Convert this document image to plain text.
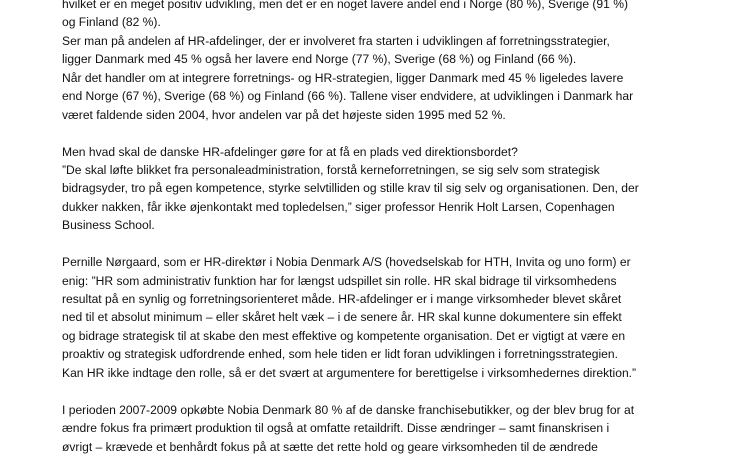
hvilket er en meget positiv udvikling, men det er en noget lavere andel end i Norge (80 %), Sverige (91 %)
og Finland (82 %).
Ser man på andelen af HR-afdelinger, der er involveret fra starten i udviklingen af forretningsstrategier,
ligger Danmark med 45 % også her lavere end Norge (77 %), Sverige (68 %) og Finland (66 %).
Når det handler om at integrere forretnings- og HR-strategien, ligger Danmark med 45 % ligeledes lavere
end Norge (67 %), Sverige (68 %) og Finland (66 %). Tallene viser endvidere, at udviklingen i Danmark har
været faldende siden 2004, hvor andelen var på det højeste siden 1995 med 52 %.
Men hvad skal de danske HR-afdelinger gøre for at få en plads ved direktionsbordet?
”De skal løfte blikket fra personaleadministration, forstå kerneforretningen, se sig selv som strategisk
bidragsyder, tro på egen kompetence, styrke selvtilliden og stille krav til sig selv og organisationen. Den, der
dukker nakken, får ikke øjenkontakt med topledelsen,” siger professor Henrik Holt Larsen, Copenhagen
Business School.
Pernille Nørgaard, som er HR-direktør i Nobia Denmark A/S (hovedselskab for HTH, Invita og uno form) er
enig: ”HR som administrativ funktion har for længst udspillet sin rolle. HR skal bidrage til virksomhedens
resultat på en synlig og forretningsorienteret måde. HR-afdelinger er i mange virksomheder blevet skåret
ned til et absolut minimum – eller skåret helt væk – i de senere år. HR skal kunne dokumentere sin effekt
og bidrage strategisk til at skabe den mest effektive og kompetente organisation. Det er vigtigt at være en
proaktiv og strategisk udfordrende enhed, som hele tiden er lidt foran udviklingen i forretningsstrategien.
Kan HR ikke indtage den rolle, så er det svært at argumentere for berettigelse i virksomhedernes direktion.”
I perioden 2007-2009 opkøbte Nobia Denmark 80 % af de danske franchisebutikker, og der blev brug for at
ændre fokus fra primært produktion til også at omfatte retaildrift. Disse ændringer – samt finanskrisen i
øvrigt – krævede et benhårdt fokus på at sætte det rette hold og geare virksomheden til de ændrede
